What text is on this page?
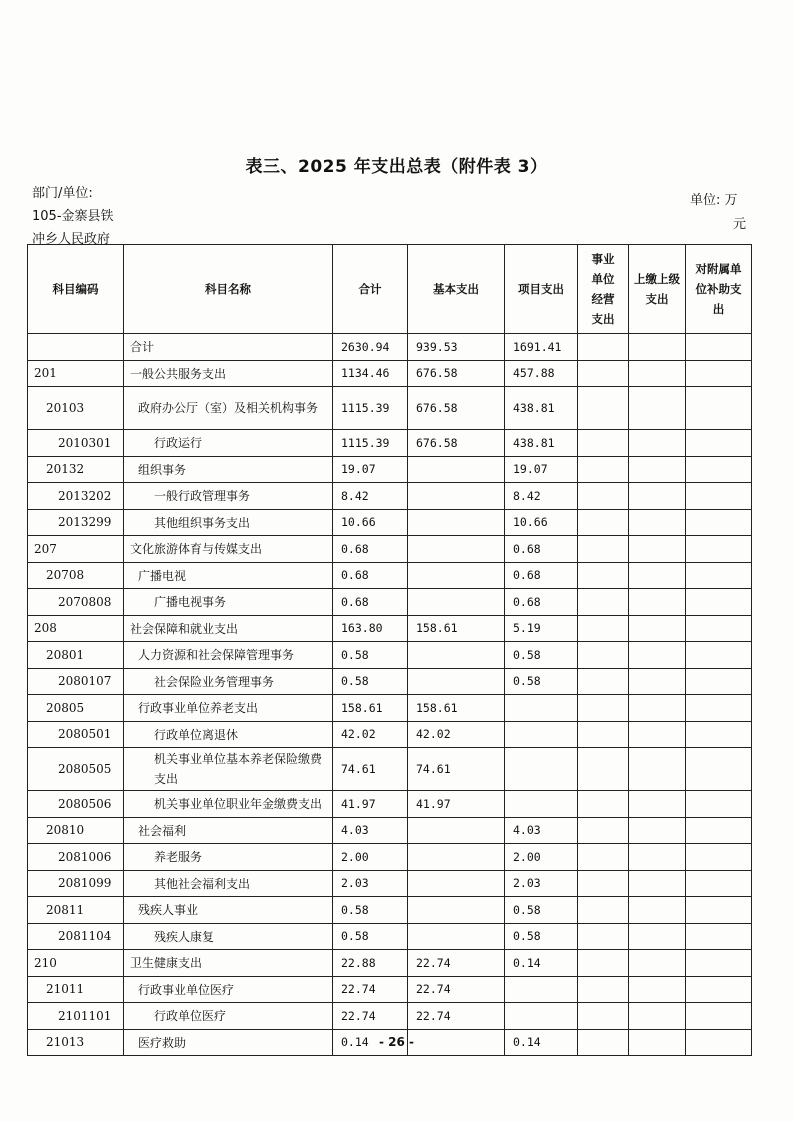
表三、2025 年支出总表（附件表 3）
部门/单位:
105-金寨县铁
冲乡人民政府
单位: 万
元
科目编码	科目名称	合计	基本支出	项目支出	事业单位经营支出	上缴上级支出	对附属单位补助支出
	合计	2630.94	939.53	1691.41			
201	一般公共服务支出	1134.46	676.58	457.88			
20103	政府办公厅（室）及相关机构事务	1115.39	676.58	438.81			
2010301	行政运行	1115.39	676.58	438.81			
20132	组织事务	19.07		19.07			
2013202	一般行政管理事务	8.42		8.42			
2013299	其他组织事务支出	10.66		10.66			
207	文化旅游体育与传媒支出	0.68		0.68			
20708	广播电视	0.68		0.68			
2070808	广播电视事务	0.68		0.68			
208	社会保障和就业支出	163.80	158.61	5.19			
20801	人力资源和社会保障管理事务	0.58		0.58			
2080107	社会保险业务管理事务	0.58		0.58			
20805	行政事业单位养老支出	158.61	158.61				
2080501	行政单位离退休	42.02	42.02				
2080505	机关事业单位基本养老保险缴费支出	74.61	74.61				
2080506	机关事业单位职业年金缴费支出	41.97	41.97				
20810	社会福利	4.03		4.03			
2081006	养老服务	2.00		2.00			
2081099	其他社会福利支出	2.03		2.03			
20811	残疾人事业	0.58		0.58			
2081104	残疾人康复	0.58		0.58			
210	卫生健康支出	22.88	22.74	0.14			
21011	行政事业单位医疗	22.74	22.74				
2101101	行政单位医疗	22.74	22.74				
21013	医疗救助	0.14		0.14			
- 26 -
